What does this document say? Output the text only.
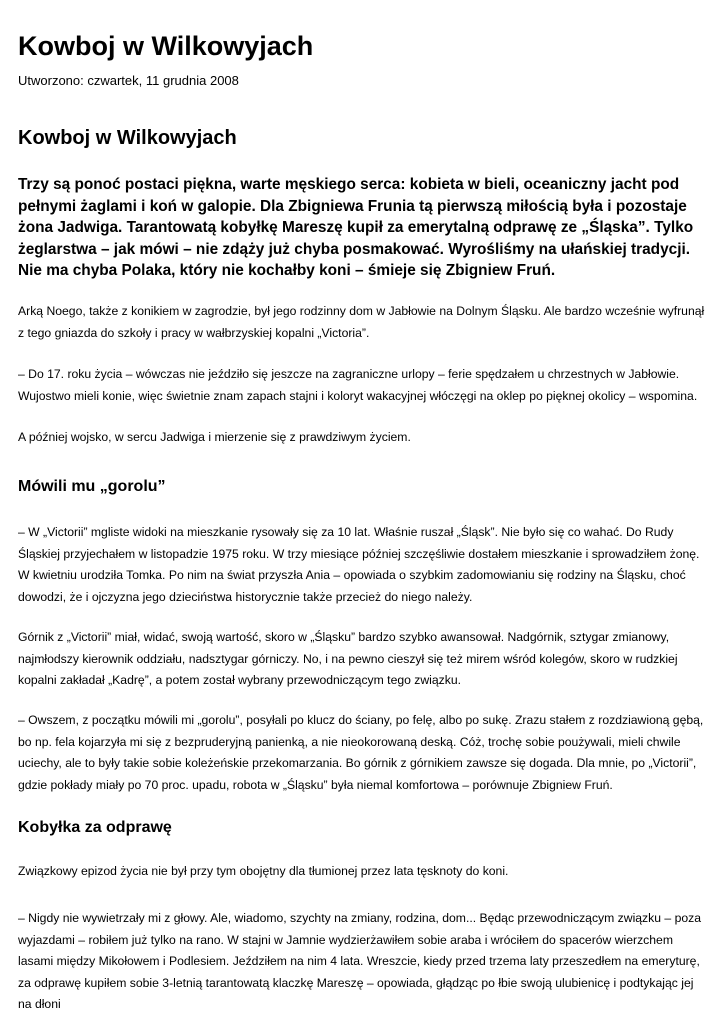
Kowboj w Wilkowyjach
Utworzono: czwartek, 11 grudnia 2008
Kowboj w Wilkowyjach

Trzy są ponoć postaci piękna, warte męskiego serca: kobieta w bieli, oceaniczny jacht pod pełnymi żaglami i koń w galopie. Dla Zbigniewa Frunia tą pierwszą miłością była i pozostaje żona Jadwiga. Tarantowatą kobyłkę Mareszę kupił za emerytalną odprawę ze „Śląska”. Tylko żeglarstwa – jak mówi – nie zdąży już chyba posmakować. Wyrośliśmy na ułańskiej tradycji. Nie ma chyba Polaka, który nie kochałby koni – śmieje się Zbigniew Fruń.

Arką Noego, także z konikiem w zagrodzie, był jego rodzinny dom w Jabłowie na Dolnym Śląsku. Ale bardzo wcześnie wyfrunął z tego gniazda do szkoły i pracy w wałbrzyskiej kopalni „Victoria”.

– Do 17. roku życia – wówczas nie jeździło się jeszcze na zagraniczne urlopy – ferie spędzałem u chrzestnych w Jabłowie. Wujostwo mieli konie, więc świetnie znam zapach stajni i koloryt wakacyjnej włóczęgi na oklep po pięknej okolicy – wspomina.

A później wojsko, w sercu Jadwiga i mierzenie się z prawdziwym życiem.

Mówili mu „gorolu”

– W „Victorii” mgliste widoki na mieszkanie rysowały się za 10 lat. Właśnie ruszał „Śląsk”. Nie było się co wahać. Do Rudy Śląskiej przyjechałem w listopadzie 1975 roku. W trzy miesiące później szczęśliwie dostałem mieszkanie i sprowadziłem żonę. W kwietniu urodziła Tomka. Po nim na świat przyszła Ania – opowiada o szybkim zadomowianiu się rodziny na Śląsku, choć dowodzi, że i ojczyzna jego dzieciństwa historycznie także przecież do niego należy.

Górnik z „Victorii” miał, widać, swoją wartość, skoro w „Śląsku” bardzo szybko awansował. Nadgórnik, sztygar zmianowy, najmłodszy kierownik oddziału, nadsztygar górniczy. No, i na pewno cieszył się też mirem wśród kolegów, skoro w rudzkiej kopalni zakładał „Kadrę”, a potem został wybrany przewodniczącym tego związku.

– Owszem, z początku mówili mi „gorolu”, posyłali po klucz do ściany, po felę, albo po sukę. Zrazu stałem z rozdziawioną gębą, bo np. fela kojarzyła mi się z bezpruderyjną panienką, a nie nieokorowaną deską. Cóż, trochę sobie poużywali, mieli chwile uciechy, ale to były takie sobie koleżeńskie przekomarzania. Bo górnik z górnikiem zawsze się dogada. Dla mnie, po „Victorii”, gdzie pokłady miały po 70 proc. upadu, robota w „Śląsku” była niemal komfortowa – porównuje Zbigniew Fruń.

Kobyłka za odprawę

Związkowy epizod życia nie był przy tym obojętny dla tłumionej przez lata tęsknoty do koni.

– Nigdy nie wywietrzały mi z głowy. Ale, wiadomo, szychty na zmiany, rodzina, dom... Będąc przewodniczącym związku – poza wyjazdami – robiłem już tylko na rano. W stajni w Jamnie wydzierżawiłem sobie araba i wróciłem do spacerów wierzchem lasami między Mikołowem i Podlesiem. Jeździłem na nim 4 lata. Wreszcie, kiedy przed trzema laty przeszedłem na emeryturę, za odprawę kupiłem sobie 3-letnią tarantowatą klaczkę Mareszę – opowiada, głądząc po łbie swoją ulubienicę i podtykając jej na dłoni
